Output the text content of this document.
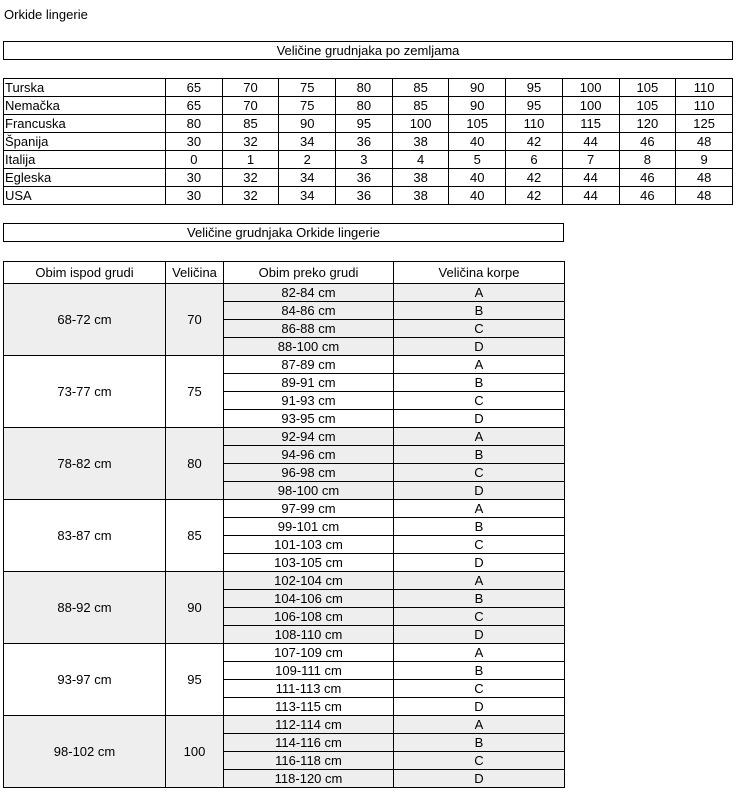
Orkide lingerie
Veličine grudnjaka po zemljama
Turska	65	70	75	80	85	90	95	100	105	110
Nemačka	65	70	75	80	85	90	95	100	105	110
Francuska	80	85	90	95	100	105	110	115	120	125
Španija	30	32	34	36	38	40	42	44	46	48
Italija	0	1	2	3	4	5	6	7	8	9
Egleska	30	32	34	36	38	40	42	44	46	48
USA	30	32	34	36	38	40	42	44	46	48
Veličine grudnjaka Orkide lingerie
Obim ispod grudi	Veličina	Obim preko grudi	Veličina korpe
68-72 cm	70	82-84 cm	A
		84-86 cm	B
		86-88 cm	C
		88-100 cm	D
73-77 cm	75	87-89 cm	A
		89-91 cm	B
		91-93 cm	C
		93-95 cm	D
78-82 cm	80	92-94 cm	A
		94-96 cm	B
		96-98 cm	C
		98-100 cm	D
83-87 cm	85	97-99 cm	A
		99-101 cm	B
		101-103 cm	C
		103-105 cm	D
88-92 cm	90	102-104 cm	A
		104-106 cm	B
		106-108 cm	C
		108-110 cm	D
93-97 cm	95	107-109 cm	A
		109-111 cm	B
		111-113 cm	C
		113-115 cm	D
98-102 cm	100	112-114 cm	A
		114-116 cm	B
		116-118 cm	C
		118-120 cm	D
